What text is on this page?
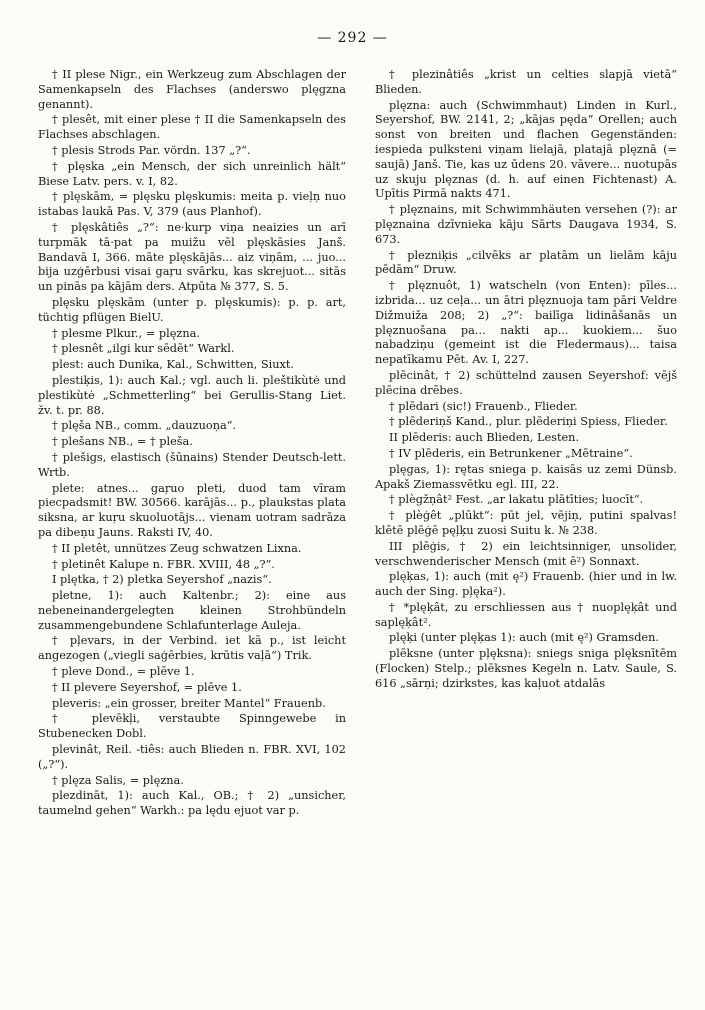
— 292 —

† II plese Nigr., ein Werkzeug zum Abschlagen der Samenkapseln des Flachses (anderswo plęgzna genannt).

† plesêt, mit einer plese † II die Samenkapseln des Flachses abschlagen.

† plesis Strods Par. vördn. 137 „?“.

† plęska „ein Mensch, der sich unreinlich hält“ Biese Latv. pers. v. I, 82.

† plęskām, = plęsku plęskumis: meita p. vieļņ nuo istabas laukā Pas. V, 379 (aus Planhof).

† plęskâtiês „?“: ne·kurp viņa neaizies un arī turpmāk tā·pat pa muižu vēl plęskāsies Janš. Bandavā I, 366. māte plęskājās... aiz viņām, ... juo... bija uzģērbusi visai gaŗu svārku, kas skrejuot... sitās un pinās pa kājām ders. Atpūta № 377, S. 5.

plęsku plęskām (unter p. plęskumis): p. p. art, tüchtig pflügen BielU.

† plesme Plkur., = plęzna.

† plesnêt „ilgi kur sēdēt“ Warkl.

plest: auch Dunika, Kal., Schwitten, Siuxt.

plestiķis, 1): auch Kal.; vgl. auch li. pleštikùtė und plestikùtė „Schmetterling“ bei Gerullis-Stang Liet. žv. t. pr. 88.

† plęša NB., comm. „dauzuoņa“.

† plešans NB., = † pleša.

† plešigs, elastisch (šūnains) Stender Deutsch-lett. Wrtb.

plete: atnes... gaŗuo pleti, duod tam vīram piecpadsmit! BW. 30566. karājās... p., plaukstas plata siksna, ar kuŗu skuoluotājs... vienam uotram sadrāza pa dibeņu Jauns. Raksti IV, 40.

† II pletêt, unnützes Zeug schwatzen Lixna.

† pletinêt Kalupe n. FBR. XVIII, 48 „?“.

I plętka, † 2) pletka Seyershof „nazis“.

pletne, 1): auch Kaltenbr.; 2): eine aus nebeneinandergelegten kleinen Strohbündeln zusammengebundene Schlafunterlage Auleja.

† pļevars, in der Verbind. iet kā p., ist leicht angezogen („viegli saģērbies, krūtis vaļā“) Trik.

† pleve Dond., = plēve 1.

† II plevere Seyershof, = plēve 1.

pleveris: „ein grosser, breiter Mantel“ Frauenb.

† plevēkļi, verstaubte Spinngewebe in Stubenecken Dobl.

plevinât, Reil. -tiês: auch Blieden n. FBR. XVI, 102 („?“).

† plęza Salis, = plęzna.

plezdināt, 1): auch Kal., OB.; † 2) „unsicher, taumelnd gehen“ Warkh.: pa lędu ejuot var p.

† plezinâtiês „krist un celties slapjā vietā“ Blieden.

plęzna: auch (Schwimmhaut) Linden in Kurl., Seyershof, BW. 2141, 2; „kājas pęda“ Orellen; auch sonst von breiten und flachen Gegenständen: iespieda pulksteni viņam lielajā, platajā plęznā (= saujā) Janš. Tie, kas uz ūdens 20. vāvere... nuotupās uz skuju plęznas (d. h. auf einen Fichtenast) A. Upītis Pirmā nakts 471.

† plęznains, mit Schwimmhäuten versehen (?): ar plęznaina dzīvnieka kāju Sārts Daugava 1934, S. 673.

† plezniķis „cilvēks ar platām un lielām kāju pēdām“ Druw.

† plęznuôt, 1) watscheln (von Enten): pīles... izbrida... uz ceļa... un ātri plęznuoja tam pāri Veldre Dižmuiža 208; 2) „?“: bailīga lidināšanās un plęznuošana pa... nakti ap... kuokiem... šuo nabadziņu (gemeint ist die Fledermaus)... taisa nepatīkamu Pēt. Av. I, 227.

plēcinât, † 2) schüttelnd zausen Seyershof: vējš plēcina drēbes.

† plēdari (sic!) Frauenb., Flieder.

† plēderiņš Kand., plur. plēderiņi Spiess, Flieder.

II plēderis: auch Blieden, Lesten.

† IV plēderis, ein Betrunkener „Mētraine“.

plęgas, 1): rętas sniega p. kaisās uz zemi Dünsb. Apakš Ziemassvētku egl. III, 22.

† plègžņât² Fest. „ar lakatu plātīties; luocīt“.

† plèģêt „plūkt“: pūt jel, vējiņ, putini spalvas! klētē plēģē pęļķu zuosi Suitu k. № 238.

III plēģis, † 2) ein leichtsinniger, unsolider, verschwenderischer Mensch (mit ē²) Sonnaxt.

plęķas, 1): auch (mit ę²) Frauenb. (hier und in lw. auch der Sing. pļęka²).

† *plęķât, zu erschliessen aus † nuoplęķât und saplęķât².

plęķi (unter plęķas 1): auch (mit ę²) Gramsden.

plēksne (unter pļęksna): sniegs sniga plęksnītēm (Flocken) Stelp.; plēksnes Kegeln n. Latv. Saule, S. 616 „sārņi; dzirkstes, kas kaļuot atdalās
